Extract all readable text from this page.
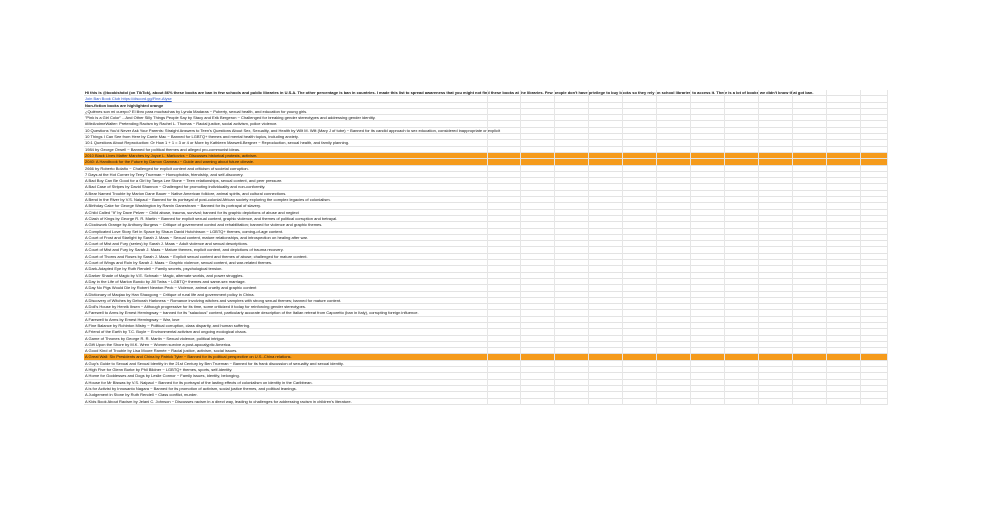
Hi this is @bookishdol (on TikTok), about 86% these books are ban in few schools and public libraries in U.S.A. The other percentage is ban in countries. I made this list to spread awareness that you might not find these books at the libraries. Few people don't have privilege to buy books so they rely on school libraries to access it. There is a lot of books we didn't know that got ban.
Join Ban Book Club https://discord.gg/Fine-Alyse
Non-fiction books are highlighted orange
¿Quiénes son mi cuerpo? El libro para muchachas by Lynda Madaras ~ Puberty, sexual health, and education for young girls.
"Pink is a Girl Color" ...And Other Silly Things People Say by Stacy and Erik Bergeron ~ Challenged for breaking gender stereotypes and addressing gender identity.
#MeAndmeWalter: Pretending Racism by Rachel L. Thomas ~ Racial justice, social activism, police violence.
10 Questions You'd Never Ask Your Parents: Straight Answers to Teen's Questions About Sex, Sexuality, and Health by Wilt M. Wilt (Mary J of tube) ~ Banned for its candid approach to sex education, considered inappropriate or explicit
10 Things I Can See from Here by Carrie Mac ~ Banned for LGBTQ+ themes and mental health topics, including anxiety.
10:1 Questions About Reproduction: Or How 1 + 1 = 3 or 4 or More by Kathleen Maxwell-Bergner ~ Reproduction, sexual health, and family planning.
1984 by George Orwell ~ Banned for political themes and alleged pro-communist ideas.
2010 Black Lives Matter Marches by Joyce L. Markovics ~ Discusses historical protests, activism.
2040: A Handbook for the Future by Damon Gameau ~ Guide and warning about future climate.
2666 by Roberto Bolaño ~ Challenged for explicit content and criticism of societal corruption.
7 Days at the Hot Corner by Terry Trueman ~ Homophobia, friendship, and self-discovery.
A Bad Boy Can Be Good for a Girl by Tanya Lee Stone ~ Teen relationships, sexual content, and peer pressure.
A Bad Case of Stripes by David Shannon ~ Challenged for promoting individuality and non-conformity.
A Bear Named Trouble by Marion Dane Bauer ~ Native American folklore, animal spirits, and cultural connections.
A Bend in the River by V.S. Naipaul ~ Banned for its portrayal of post-colonial African society exploring the complex legacies of colonialism.
A Birthday Cake for George Washington by Ramin Ganeshram ~ Banned for its portrayal of slavery.
A Child Called "It" by Dave Pelzer ~ Child abuse, trauma, survival; banned for its graphic depictions of abuse and neglect
A Clash of Kings by George R. R. Martin ~ Banned for explicit sexual content, graphic violence, and themes of political corruption and betrayal.
A Clockwork Orange by Anthony Burgess ~ Critique of government control and rehabilitation; banned for violence and graphic themes.
A Complicated Love Story Set in Space by Shaun David Hutchinson ~ LGBTQ+ themes, coming-of-age content.
A Court of Frost and Starlight by Sarah J. Maas ~ Sexual content, mature relationships, and introspection on healing after war.
A Court of Mist and Fury (series) by Sarah J. Maas ~ Adult violence and sexual descriptions.
A Court of Mist and Fury by Sarah J. Maas ~ Mature themes, explicit content, and depictions of trauma recovery.
A Court of Thorns and Roses by Sarah J. Maas ~ Explicit sexual content and themes of abuse; challenged for mature content.
A Court of Wings and Ruin by Sarah J. Maas ~ Graphic violence, sexual content, and war-related themes.
A Dark-Adapted Eye by Ruth Rendell ~ Family secrets, psychological tension.
A Darker Shade of Magic by V.E. Schwab ~ Magic, alternate worlds, and power struggles.
A Day in the Life of Marlon Bundo by Jill Twiss ~ LGBTQ+ themes and same-sex marriage.
A Day No Pigs Would Die by Robert Newton Peck ~ Violence, animal cruelty and graphic content
A Dictionary of Maqiao by Han Shaogong ~ Critique of rural life and government policy in China.
A Discovery of Witches by Deborah Harkness ~ Romance involving witches and vampires with strong sexual themes; banned for mature content.
A Doll's House by Henrik Ibsen ~ Although progressive for its time, some criticized it today for reinforcing gender stereotypes.
A Farewell to Arms by Ernest Hemingway ~ banned for its "salacious" content, particularly accurate description of the Italian retreat from Caporetto (ban in Italy), corrupting foreign influence.
A Farewell to Arms by Ernest Hemingway ~ War, love
A Fine Balance by Rohinton Mistry ~ Political corruption, class disparity, and human suffering.
A Friend of the Earth by T.C. Boyle ~ Environmental activism and ongoing ecological chaos.
A Game of Thrones by George R. R. Martin ~ Sexual violence, political intrigue.
A Gift Upon the Shore by M.K. Wren ~ Women survive a post-apocalyptic America.
A Good Kind of Trouble by Lisa Moore Ramée ~ Racial justice, activism, social issues.
A Great Wall: Six Presidents and China by Patrick Tyler ~ Banned for its political perspective on U.S.-China relations.
A Guy's Guide to Sexual and Sexual Identity in the 21st Century by Ben Trueman ~ Banned for its frank discussion of sexuality and sexual identity.
A High Five for Glenn Burke by Phil Bildner ~ LGBTQ+ themes, sports, self-identity.
A Home for Goddesses and Dogs by Leslie Connor ~ Family issues, identity, belonging.
A House for Mr Biswas by V.S. Naipaul ~ Banned for its portrayal of the lasting effects of colonialism on identity in the Caribbean.
A is for Activist by Innosanto Nagara ~ Banned for its promotion of activism, social justice themes, and political leanings.
A Judgement in Stone by Ruth Rendell ~ Class conflict, murder.
A Kids Book About Racism by Jelani C. Johnson ~ Discusses racism in a direct way, leading to challenges for addressing racism in children's literature.
